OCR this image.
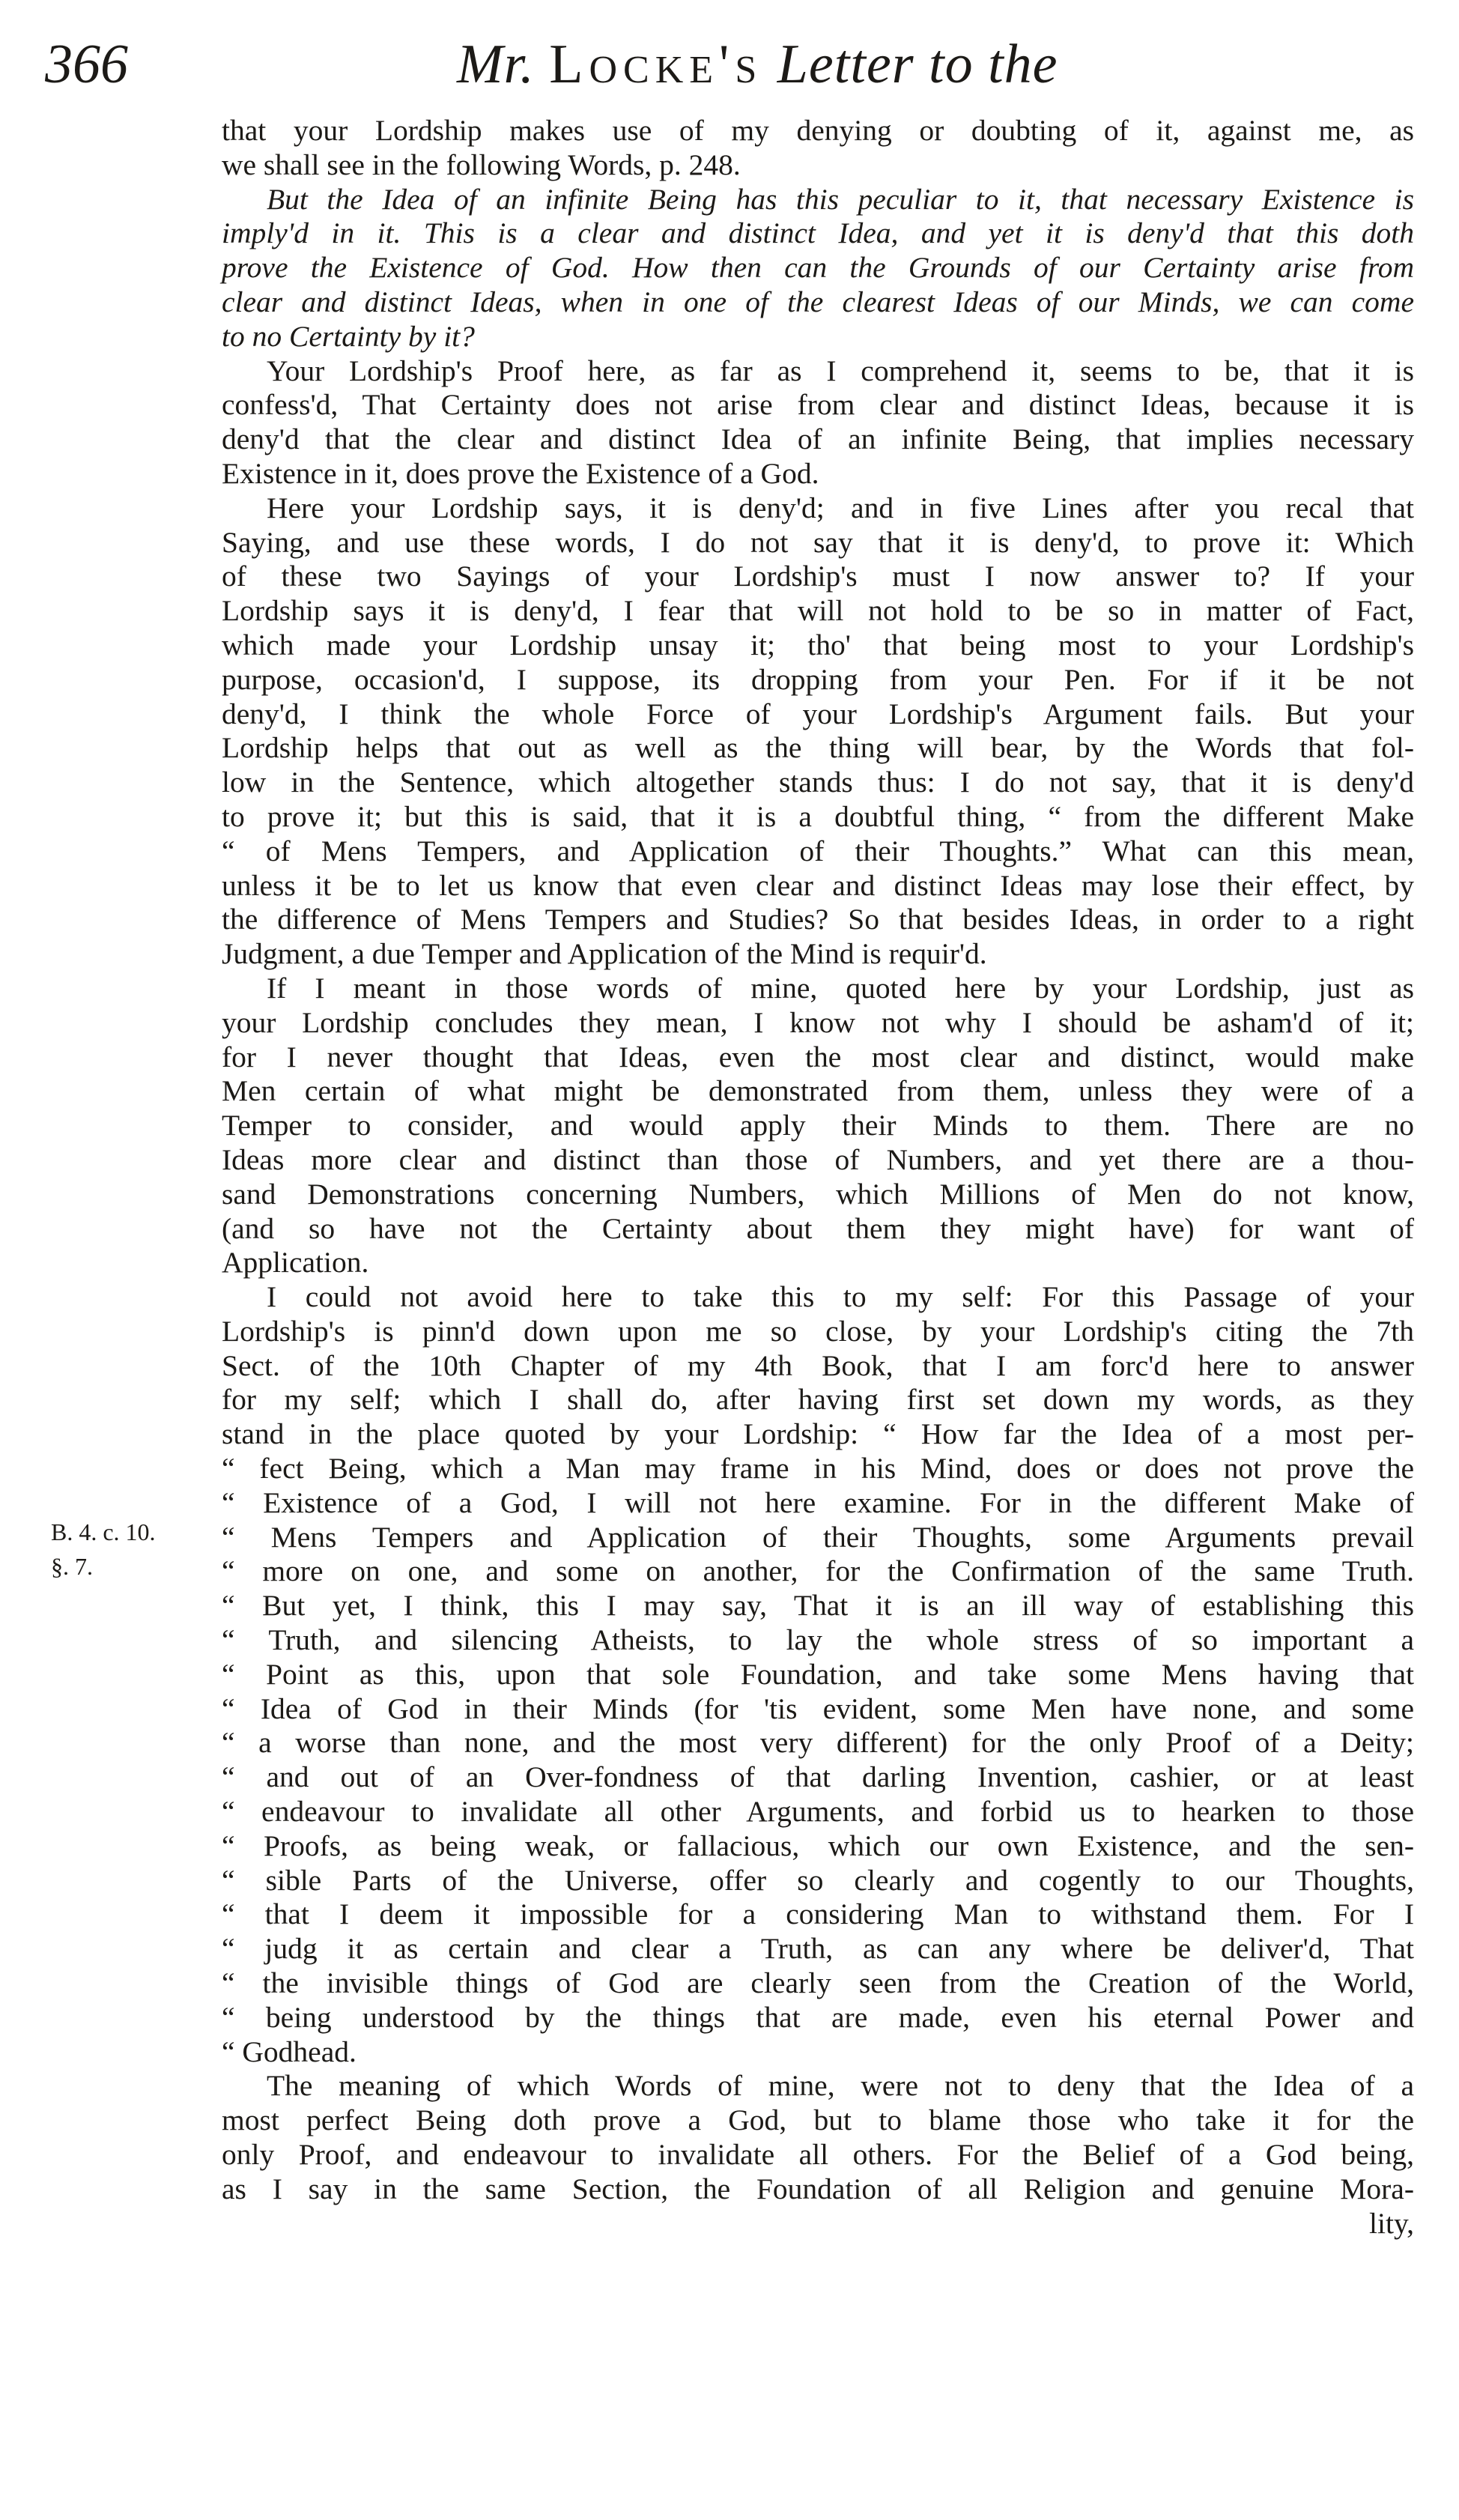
366	Mr. Locke's Letter to the
B. 4. c. 10.
§. 7.

that your Lordship makes use of my denying or doubting of it, against me, as

we shall see in the following Words, p. 248.

But the Idea of an infinite Being has this peculiar to it, that necessary Existence is

imply'd in it. This is a clear and distinct Idea, and yet it is deny'd that this doth

prove the Existence of God. How then can the Grounds of our Certainty arise from

clear and distinct Ideas, when in one of the clearest Ideas of our Minds, we can come

to no Certainty by it?

Your Lordship's Proof here, as far as I comprehend it, seems to be, that it is

confess'd, That Certainty does not arise from clear and distinct Ideas, because it is

deny'd that the clear and distinct Idea of an infinite Being, that implies necessary

Existence in it, does prove the Existence of a God.

Here your Lordship says, it is deny'd; and in five Lines after you recal that

Saying, and use these words, I do not say that it is deny'd, to prove it: Which

of these two Sayings of your Lordship's must I now answer to? If your

Lordship says it is deny'd, I fear that will not hold to be so in matter of Fact,

which made your Lordship unsay it; tho' that being most to your Lordship's

purpose, occasion'd, I suppose, its dropping from your Pen. For if it be not

deny'd, I think the whole Force of your Lordship's Argument fails. But your

Lordship helps that out as well as the thing will bear, by the Words that fol-

low in the Sentence, which altogether stands thus: I do not say, that it is deny'd

to prove it; but this is said, that it is a doubtful thing, “ from the different Make

“ of Mens Tempers, and Application of their Thoughts.” What can this mean,

unless it be to let us know that even clear and distinct Ideas may lose their effect, by

the difference of Mens Tempers and Studies? So that besides Ideas, in order to a right

Judgment, a due Temper and Application of the Mind is requir'd.

If I meant in those words of mine, quoted here by your Lordship, just as

your Lordship concludes they mean, I know not why I should be asham'd of it;

for I never thought that Ideas, even the most clear and distinct, would make

Men certain of what might be demonstrated from them, unless they were of a

Temper to consider, and would apply their Minds to them. There are no

Ideas more clear and distinct than those of Numbers, and yet there are a thou-

sand Demonstrations concerning Numbers, which Millions of Men do not know,

(and so have not the Certainty about them they might have) for want of

Application.

I could not avoid here to take this to my self: For this Passage of your

Lordship's is pinn'd down upon me so close, by your Lordship's citing the 7th

Sect. of the 10th Chapter of my 4th Book, that I am forc'd here to answer

for my self; which I shall do, after having first set down my words, as they

stand in the place quoted by your Lordship: “ How far the Idea of a most per-

“ fect Being, which a Man may frame in his Mind, does or does not prove the

“ Existence of a God, I will not here examine. For in the different Make of

“ Mens Tempers and Application of their Thoughts, some Arguments prevail

“ more on one, and some on another, for the Confirmation of the same Truth.

“ But yet, I think, this I may say, That it is an ill way of establishing this

“ Truth, and silencing Atheists, to lay the whole stress of so important a

“ Point as this, upon that sole Foundation, and take some Mens having that

“ Idea of God in their Minds (for 'tis evident, some Men have none, and some

“ a worse than none, and the most very different) for the only Proof of a Deity;

“ and out of an Over-fondness of that darling Invention, cashier, or at least

“ endeavour to invalidate all other Arguments, and forbid us to hearken to those

“ Proofs, as being weak, or fallacious, which our own Existence, and the sen-

“ sible Parts of the Universe, offer so clearly and cogently to our Thoughts,

“ that I deem it impossible for a considering Man to withstand them. For I

“ judg it as certain and clear a Truth, as can any where be deliver'd, That

“ the invisible things of God are clearly seen from the Creation of the World,

“ being understood by the things that are made, even his eternal Power and

“ Godhead.

The meaning of which Words of mine, were not to deny that the Idea of a

most perfect Being doth prove a God, but to blame those who take it for the

only Proof, and endeavour to invalidate all others. For the Belief of a God being,

as I say in the same Section, the Foundation of all Religion and genuine Mora-

lity,
